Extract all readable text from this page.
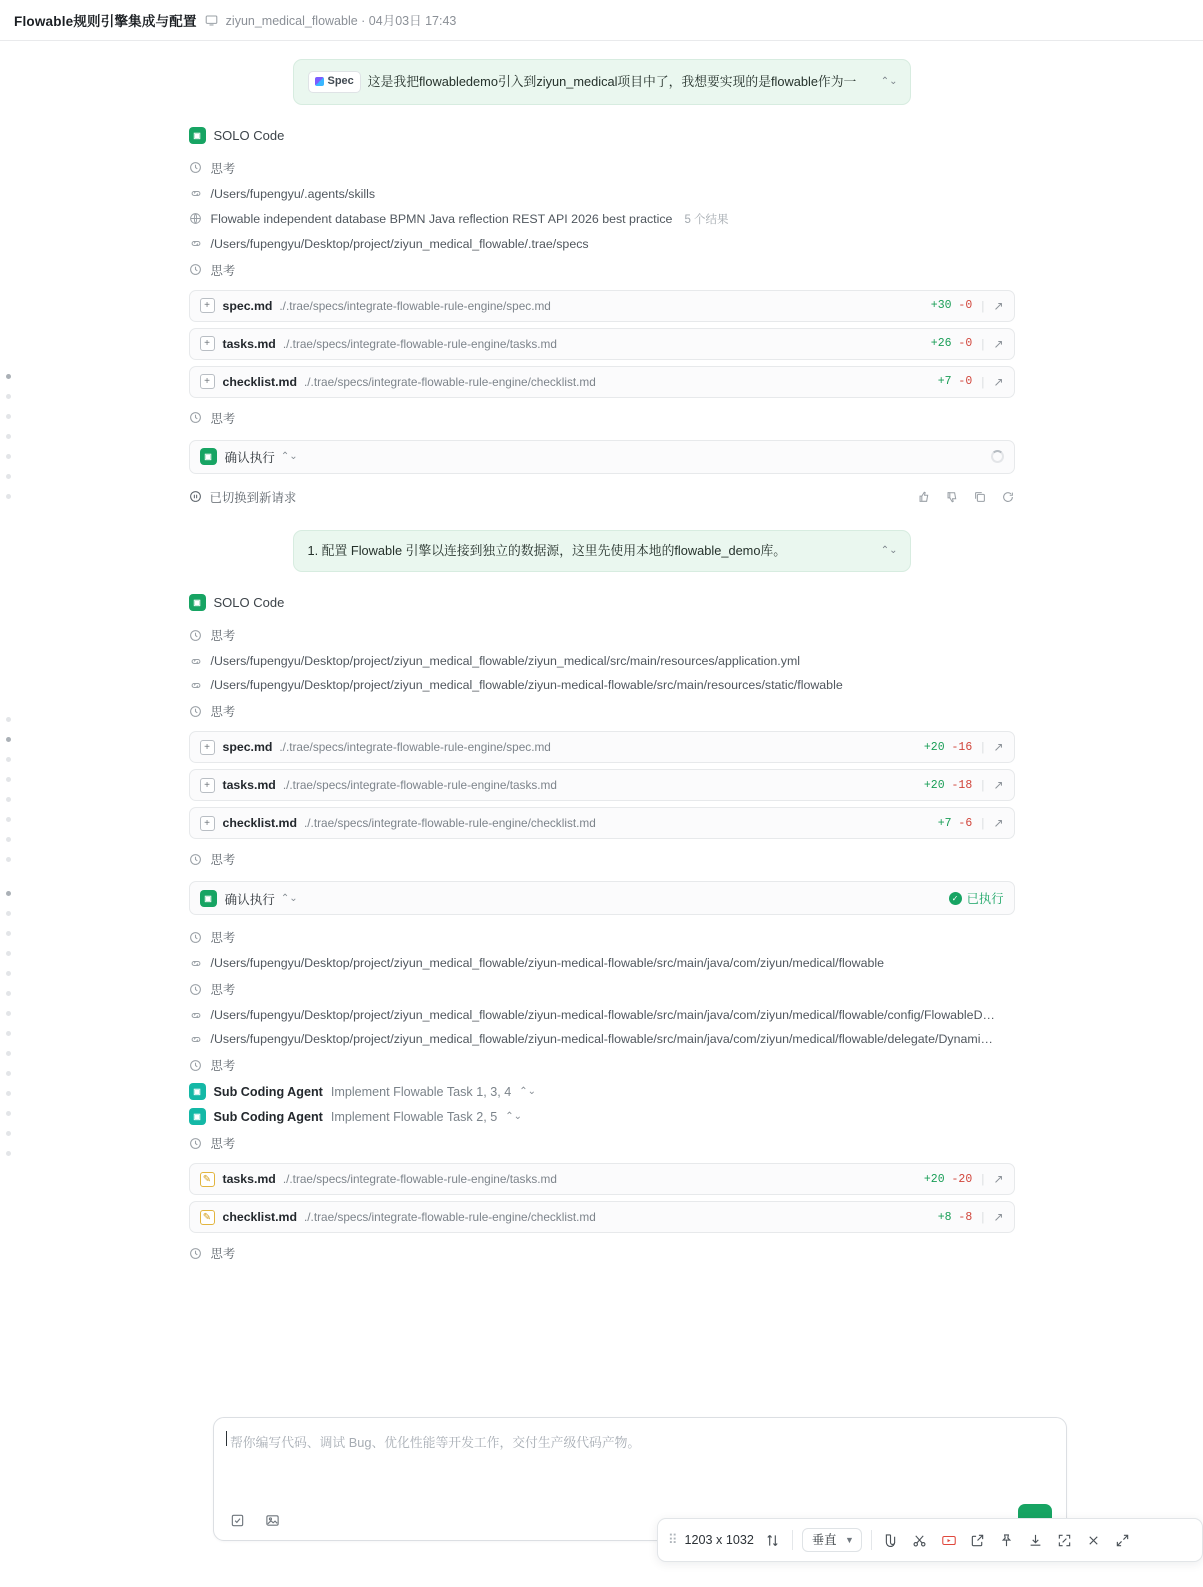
Flowable规则引擎集成与配置 ziyun_medical_flowable · 04月03日 17:43
Spec 这是我把flowabledemo引入到ziyun_medical项目中了，我想要实现的是flowable作为一 ⌃⌄
▣ SOLO Code
思考
/Users/fupengyu/.agents/skills
Flowable independent database BPMN Java reflection REST API 2026 best practice 5 个结果
/Users/fupengyu/Desktop/project/ziyun_medical_flowable/.trae/specs
思考
+	spec.md ./.trae/specs/integrate-flowable-rule-engine/spec.md	+30 -0 | ↗
+	tasks.md ./.trae/specs/integrate-flowable-rule-engine/tasks.md	+26 -0 | ↗
+	checklist.md ./.trae/specs/integrate-flowable-rule-engine/checklist.md	+7 -0 | ↗
思考
▣	确认执行 ⌃⌄
已切换到新请求
1. 配置 Flowable 引擎以连接到独立的数据源，这里先使用本地的flowable_demo库。	⌃⌄
▣ SOLO Code
思考
/Users/fupengyu/Desktop/project/ziyun_medical_flowable/ziyun_medical/src/main/resources/application.yml
/Users/fupengyu/Desktop/project/ziyun_medical_flowable/ziyun-medical-flowable/src/main/resources/static/flowable
思考
+	spec.md ./.trae/specs/integrate-flowable-rule-engine/spec.md	+20 -16 | ↗
+	tasks.md ./.trae/specs/integrate-flowable-rule-engine/tasks.md	+20 -18 | ↗
+	checklist.md ./.trae/specs/integrate-flowable-rule-engine/checklist.md	+7 -6 | ↗
思考
▣	确认执行 ⌃⌄	✓ 已执行
思考
/Users/fupengyu/Desktop/project/ziyun_medical_flowable/ziyun-medical-flowable/src/main/java/com/ziyun/medical/flowable
思考
/Users/fupengyu/Desktop/project/ziyun_medical_flowable/ziyun-medical-flowable/src/main/java/com/ziyun/medical/flowable/config/FlowableD…
/Users/fupengyu/Desktop/project/ziyun_medical_flowable/ziyun-medical-flowable/src/main/java/com/ziyun/medical/flowable/delegate/Dynami…
思考
▣	Sub Coding Agent Implement Flowable Task 1, 3, 4 ⌃⌄
▣	Sub Coding Agent Implement Flowable Task 2, 5 ⌃⌄
思考
✎ tasks.md ./.trae/specs/integrate-flowable-rule-engine/tasks.md	+20 -20 | ↗
✎ checklist.md ./.trae/specs/integrate-flowable-rule-engine/checklist.md	+8 -8 | ↗
思考
帮你编写代码、调试 Bug、优化性能等开发工作，交付生产级代码产物。
⠿ 1203 x 1032
垂直	▼
